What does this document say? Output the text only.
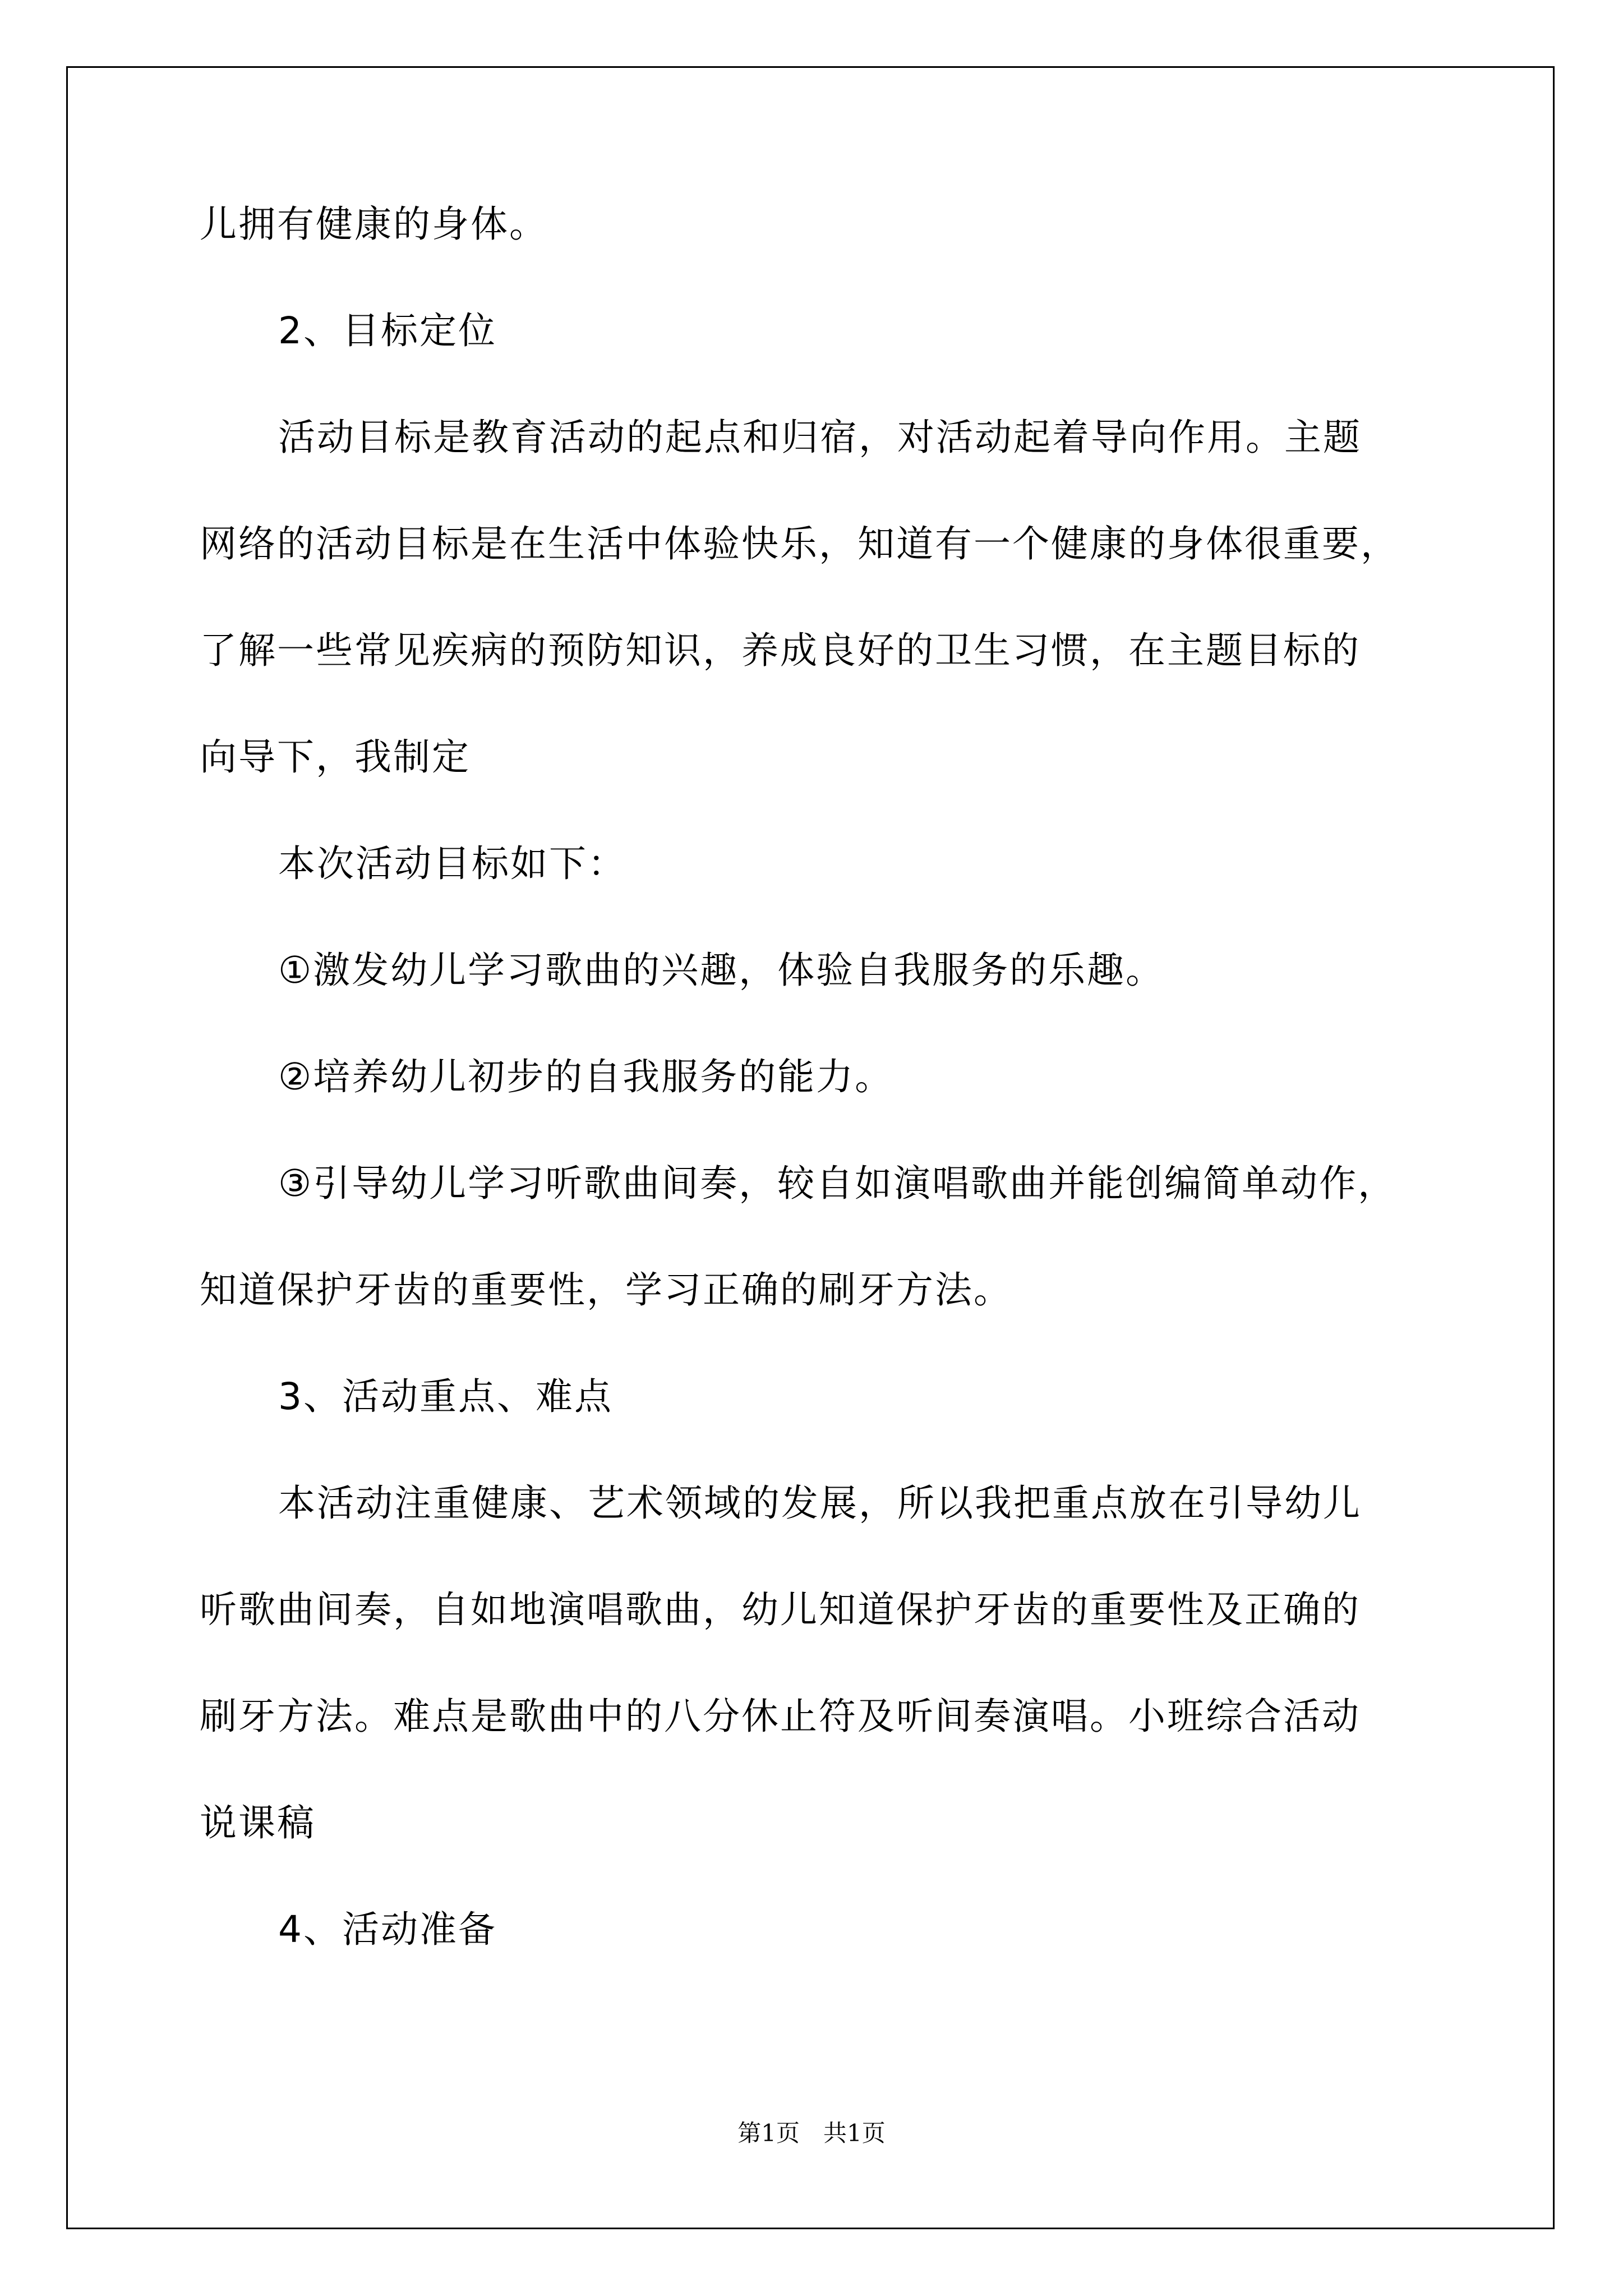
儿拥有健康的身体。
2、目标定位
活动目标是教育活动的起点和归宿，对活动起着导向作用。主题
网络的活动目标是在生活中体验快乐，知道有一个健康的身体很重要，
了解一些常见疾病的预防知识，养成良好的卫生习惯，在主题目标的
向导下，我制定
本次活动目标如下：
①激发幼儿学习歌曲的兴趣，体验自我服务的乐趣。
②培养幼儿初步的自我服务的能力。
③引导幼儿学习听歌曲间奏，较自如演唱歌曲并能创编简单动作，
知道保护牙齿的重要性，学习正确的刷牙方法。
3、活动重点、难点
本活动注重健康、艺术领域的发展，所以我把重点放在引导幼儿
听歌曲间奏，自如地演唱歌曲，幼儿知道保护牙齿的重要性及正确的
刷牙方法。难点是歌曲中的八分休止符及听间奏演唱。小班综合活动
说课稿
4、活动准备
第1页　共1页
